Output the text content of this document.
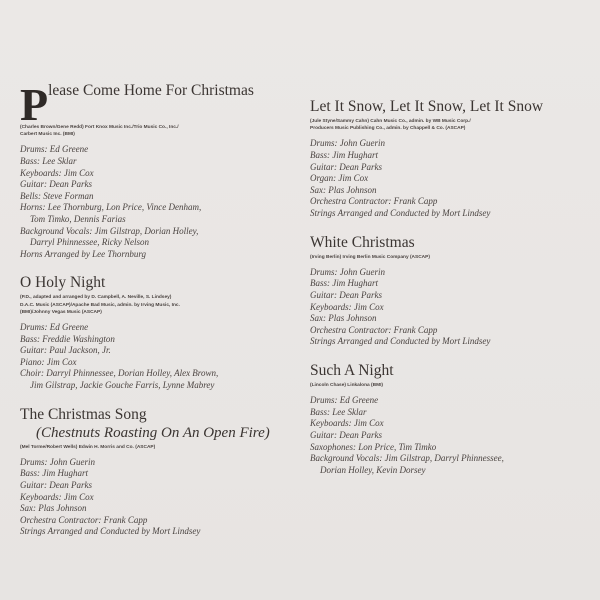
Please Come Home For Christmas
(Charles Brown/Gene Redd) Fort Knox Music Inc./Trio Music Co., Inc./
Carbert Music Inc. (BMI)
Drums: Ed Greene
Bass: Lee Sklar
Keyboards: Jim Cox
Guitar: Dean Parks
Bells: Steve Forman
Horns: Lee Thornburg, Lon Price, Vince Denham,
Tom Timko, Dennis Farias
Background Vocals: Jim Gilstrap, Dorian Holley,
Darryl Phinnessee, Ricky Nelson
Horns Arranged by Lee Thornburg
O Holy Night
(P.D., adapted and arranged by D. Campbell, A. Neville, S. Lindsey)
D.A.C. Music (ASCAP)/Apache Bad Music, admin. by Irving Music, Inc.
(BMI)/Johnny Vegas Music (ASCAP)
Drums: Ed Greene
Bass: Freddie Washington
Guitar: Paul Jackson, Jr.
Piano: Jim Cox
Choir: Darryl Phinnessee, Dorian Holley, Alex Brown,
Jim Gilstrap, Jackie Gouche Farris, Lynne Mabrey
The Christmas Song
(Chestnuts Roasting On An Open Fire)
(Mel Torme/Robert Wells) Edwin H. Morris and Co. (ASCAP)
Drums: John Guerin
Bass: Jim Hughart
Guitar: Dean Parks
Keyboards: Jim Cox
Sax: Plas Johnson
Orchestra Contractor: Frank Capp
Strings Arranged and Conducted by Mort Lindsey
Let It Snow, Let It Snow, Let It Snow
(Jule Styne/Sammy Cahn) Cahn Music Co., admin. by WB Music Corp./
Producers Music Publishing Co., admin. by Chappell & Co. (ASCAP)
Drums: John Guerin
Bass: Jim Hughart
Guitar: Dean Parks
Organ: Jim Cox
Sax: Plas Johnson
Orchestra Contractor: Frank Capp
Strings Arranged and Conducted by Mort Lindsey
White Christmas
(Irving Berlin) Irving Berlin Music Company (ASCAP)
Drums: John Guerin
Bass: Jim Hughart
Guitar: Dean Parks
Keyboards: Jim Cox
Sax: Plas Johnson
Orchestra Contractor: Frank Capp
Strings Arranged and Conducted by Mort Lindsey
Such A Night
(Lincoln Chase) Linkalona (BMI)
Drums: Ed Greene
Bass: Lee Sklar
Keyboards: Jim Cox
Guitar: Dean Parks
Saxophones: Lon Price, Tim Timko
Background Vocals: Jim Gilstrap, Darryl Phinnessee,
Dorian Holley, Kevin Dorsey
